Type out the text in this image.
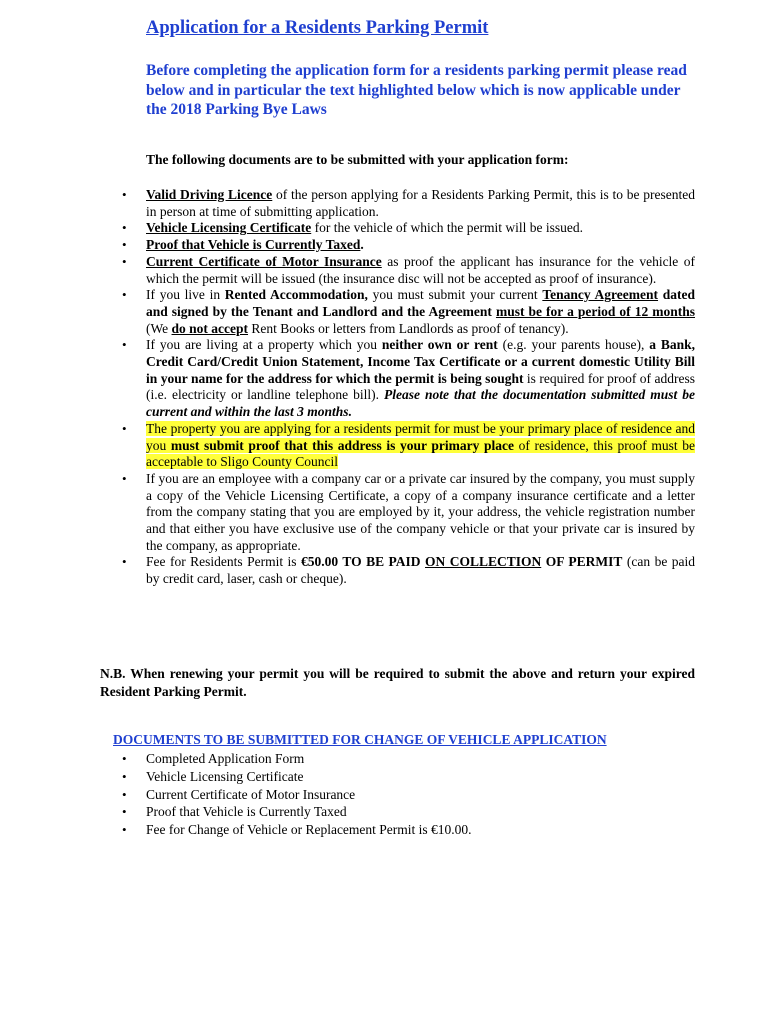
Application for a Residents Parking Permit

Before completing the application form for a residents parking permit please read below and in particular the text highlighted below which is now applicable under the 2018 Parking Bye Laws

The following documents are to be submitted with your application form:

• Valid Driving Licence of the person applying for a Residents Parking Permit, this is to be presented in person at time of submitting application.
• Vehicle Licensing Certificate for the vehicle of which the permit will be issued.
• Proof that Vehicle is Currently Taxed.
• Current Certificate of Motor Insurance as proof the applicant has insurance for the vehicle of which the permit will be issued (the insurance disc will not be accepted as proof of insurance).
• If you live in Rented Accommodation, you must submit your current Tenancy Agreement dated and signed by the Tenant and Landlord and the Agreement must be for a period of 12 months (We do not accept Rent Books or letters from Landlords as proof of tenancy).
• If you are living at a property which you neither own or rent (e.g. your parents house), a Bank, Credit Card/Credit Union Statement, Income Tax Certificate or a current domestic Utility Bill in your name for the address for which the permit is being sought is required for proof of address (i.e. electricity or landline telephone bill). Please note that the documentation submitted must be current and within the last 3 months.
• The property you are applying for a residents permit for must be your primary place of residence and you must submit proof that this address is your primary place of residence, this proof must be acceptable to Sligo County Council
• If you are an employee with a company car or a private car insured by the company, you must supply a copy of the Vehicle Licensing Certificate, a copy of a company insurance certificate and a letter from the company stating that you are employed by it, your address, the vehicle registration number and that either you have exclusive use of the company vehicle or that your private car is insured by the company, as appropriate.
• Fee for Residents Permit is €50.00 TO BE PAID ON COLLECTION OF PERMIT (can be paid by credit card, laser, cash or cheque).

N.B. When renewing your permit you will be required to submit the above and return your expired Resident Parking Permit.

DOCUMENTS TO BE SUBMITTED FOR CHANGE OF VEHICLE APPLICATION

• Completed Application Form
• Vehicle Licensing Certificate
• Current Certificate of Motor Insurance
• Proof that Vehicle is Currently Taxed
• Fee for Change of Vehicle or Replacement Permit is €10.00.
